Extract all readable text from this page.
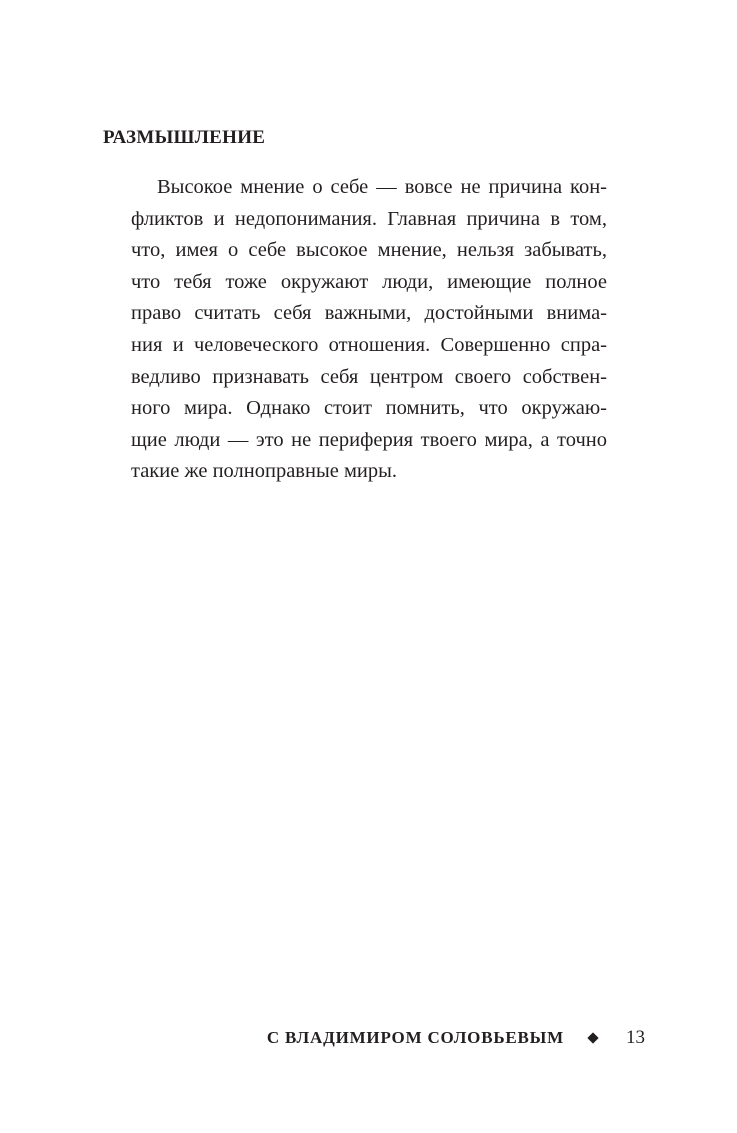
РАЗМЫШЛЕНИЕ
Высокое мнение о себе — вовсе не причина кон-
фликтов и недопонимания. Главная причина в том,
что, имея о себе высокое мнение, нельзя забывать,
что тебя тоже окружают люди, имеющие полное
право считать себя важными, достойными внима-
ния и человеческого отношения. Совершенно спра-
ведливо признавать себя центром своего собствен-
ного мира. Однако стоит помнить, что окружаю-
щие люди — это не периферия твоего мира, а точно
такие же полноправные миры.
С ВЛАДИМИРОМ СОЛОВЬЕВЫМ	13
